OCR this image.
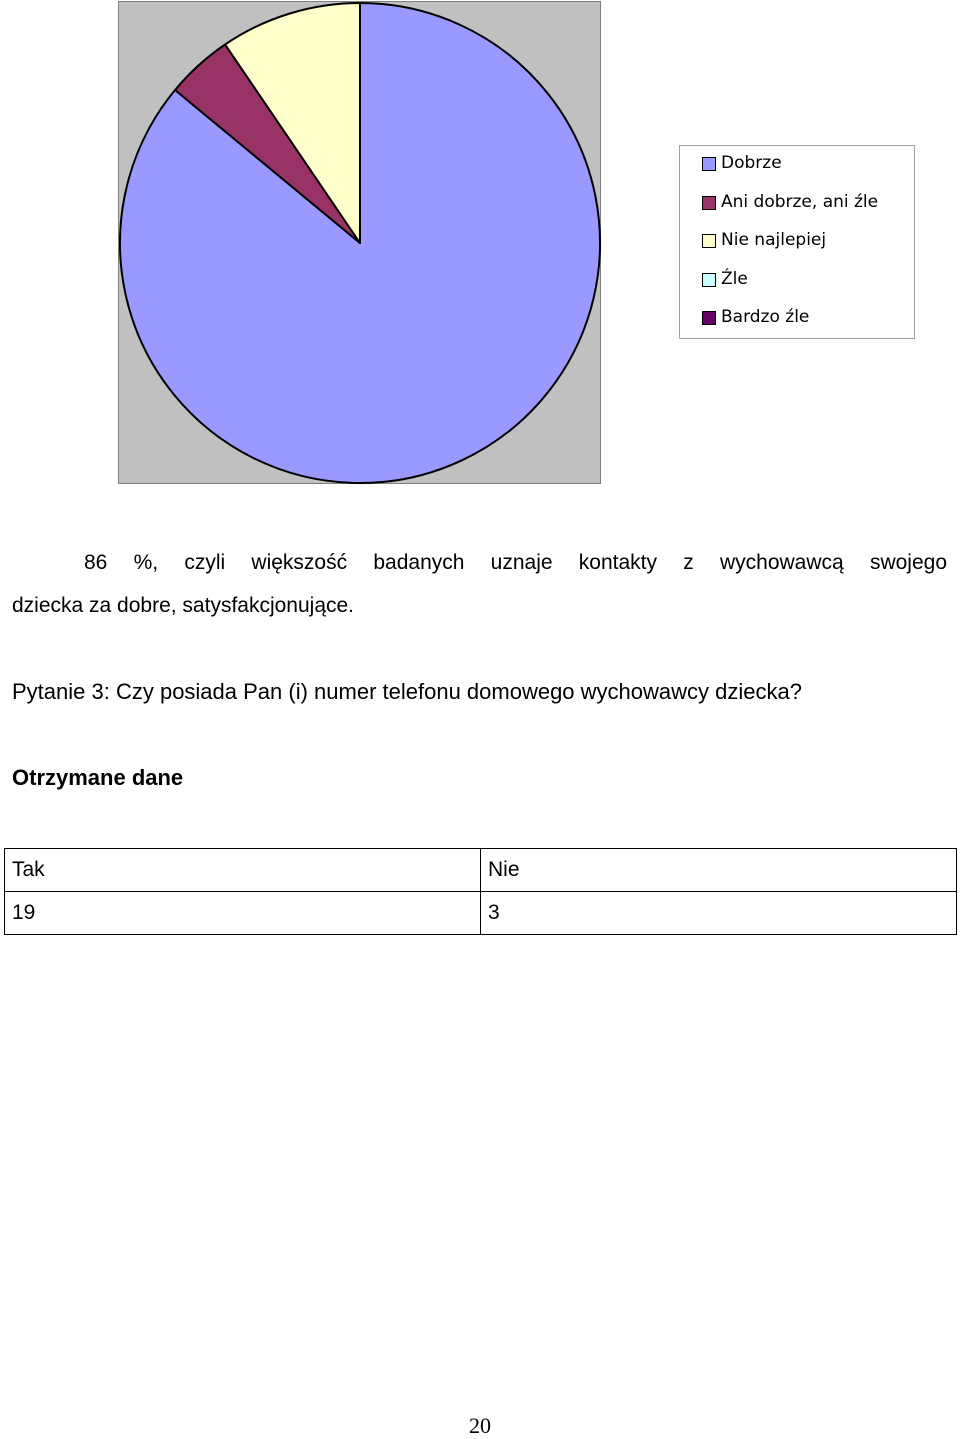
Dobrze
Ani dobrze, ani źle
Nie najlepiej
Źle
Bardzo źle
86 %, czyli większość badanych uznaje kontakty z wychowawcą swojego
dziecka za dobre, satysfakcjonujące.
Pytanie 3: Czy posiada Pan (i) numer telefonu domowego wychowawcy dziecka?
Otrzymane dane
Tak	Nie
19	3
20
